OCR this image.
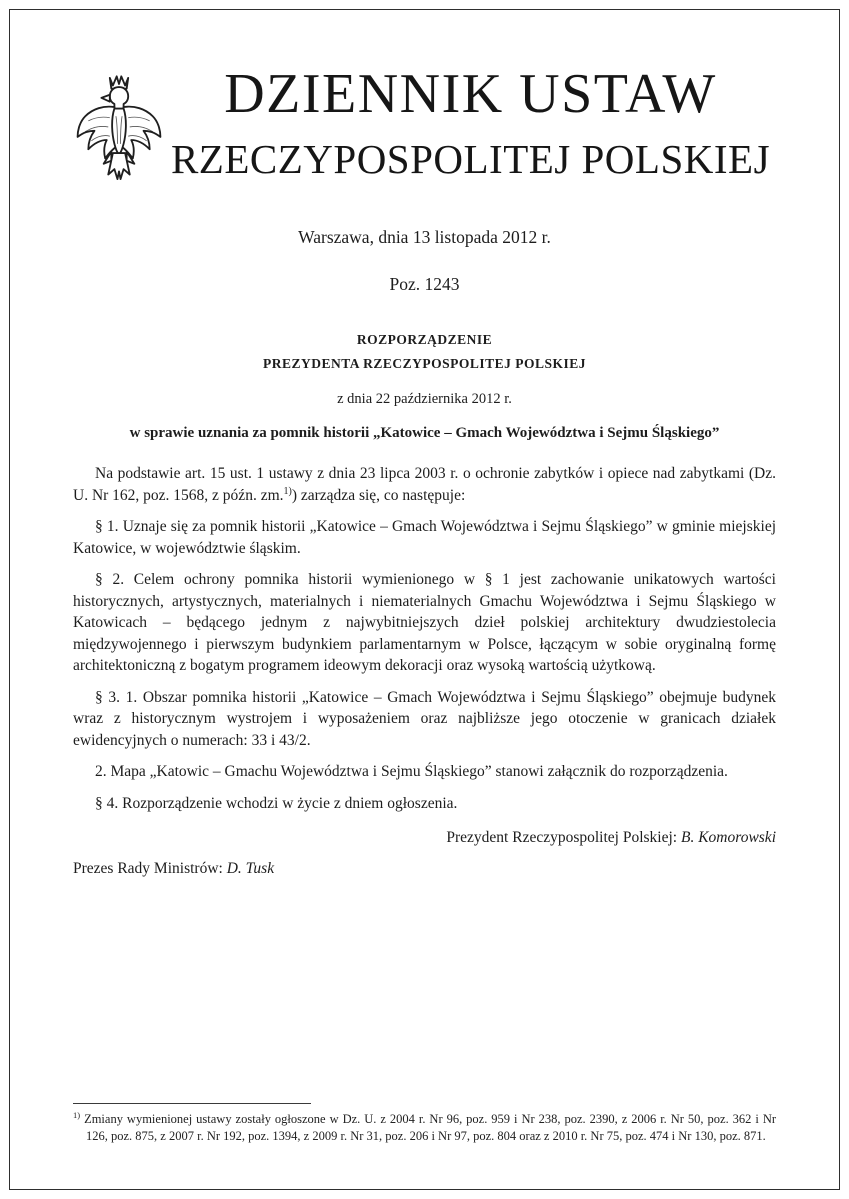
DZIENNIK USTAW
RZECZYPOSPOLITEJ POLSKIEJ
Warszawa, dnia 13 listopada 2012 r.
Poz. 1243
ROZPORZĄDZENIE
PREZYDENTA RZECZYPOSPOLITEJ POLSKIEJ
z dnia 22 października 2012 r.
w sprawie uznania za pomnik historii „Katowice – Gmach Województwa i Sejmu Śląskiego”

Na podstawie art. 15 ust. 1 ustawy z dnia 23 lipca 2003 r. o ochronie zabytków i opiece nad zabytkami (Dz. U. Nr 162, poz. 1568, z późn. zm.$^{1)}$) zarządza się, co następuje:

§ 1. Uznaje się za pomnik historii „Katowice – Gmach Województwa i Sejmu Śląskiego” w gminie miejskiej Katowice, w województwie śląskim.

§ 2. Celem ochrony pomnika historii wymienionego w § 1 jest zachowanie unikatowych wartości historycznych, artystycznych, materialnych i niematerialnych Gmachu Województwa i Sejmu Śląskiego w Katowicach – będącego jednym z najwybitniejszych dzieł polskiej architektury dwudziestolecia międzywojennego i pierwszym budynkiem parlamentarnym w Polsce, łączącym w sobie oryginalną formę architektoniczną z bogatym programem ideowym dekoracji oraz wysoką wartością użytkową.

§ 3. 1. Obszar pomnika historii „Katowice – Gmach Województwa i Sejmu Śląskiego” obejmuje budynek wraz z historycznym wystrojem i wyposażeniem oraz najbliższe jego otoczenie w granicach działek ewidencyjnych o numerach: 33 i 43/2.

2. Mapa „Katowic – Gmachu Województwa i Sejmu Śląskiego” stanowi załącznik do rozporządzenia.

§ 4. Rozporządzenie wchodzi w życie z dniem ogłoszenia.

Prezydent Rzeczypospolitej Polskiej: B. Komorowski
Prezes Rady Ministrów: D. Tusk
$^{1)}$ Zmiany wymienionej ustawy zostały ogłoszone w Dz. U. z 2004 r. Nr 96, poz. 959 i Nr 238, poz. 2390, z 2006 r. Nr 50, poz. 362 i Nr 126, poz. 875, z 2007 r. Nr 192, poz. 1394, z 2009 r. Nr 31, poz. 206 i Nr 97, poz. 804 oraz z 2010 r. Nr 75, poz. 474 i Nr 130, poz. 871.
